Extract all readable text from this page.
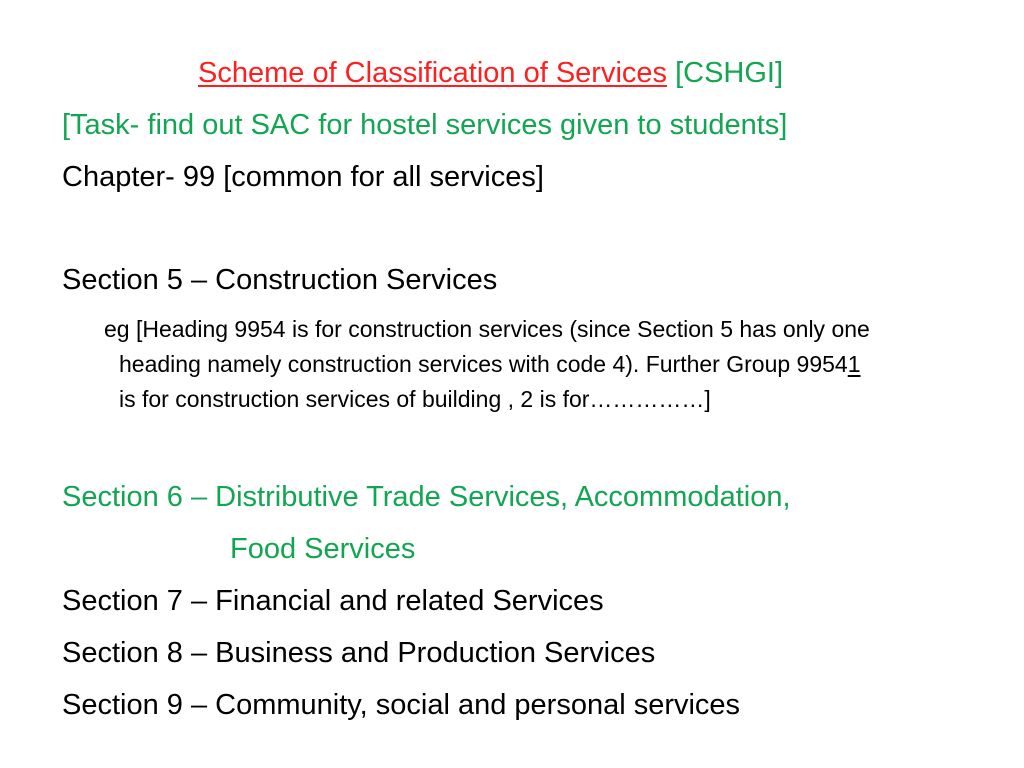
Scheme of Classification of Services [CSHGI]
[Task- find out SAC for hostel services given to students]
Chapter- 99 [common for all services]
Section 5 – Construction Services
eg [Heading 9954 is for construction services (since Section 5 has only one
heading namely construction services with code 4). Further Group 99541
is for construction services of building , 2 is for……………]
Section 6 – Distributive Trade Services, Accommodation,
Food Services
Section 7 – Financial and related Services
Section 8 – Business and Production Services
Section 9 – Community, social and personal services
